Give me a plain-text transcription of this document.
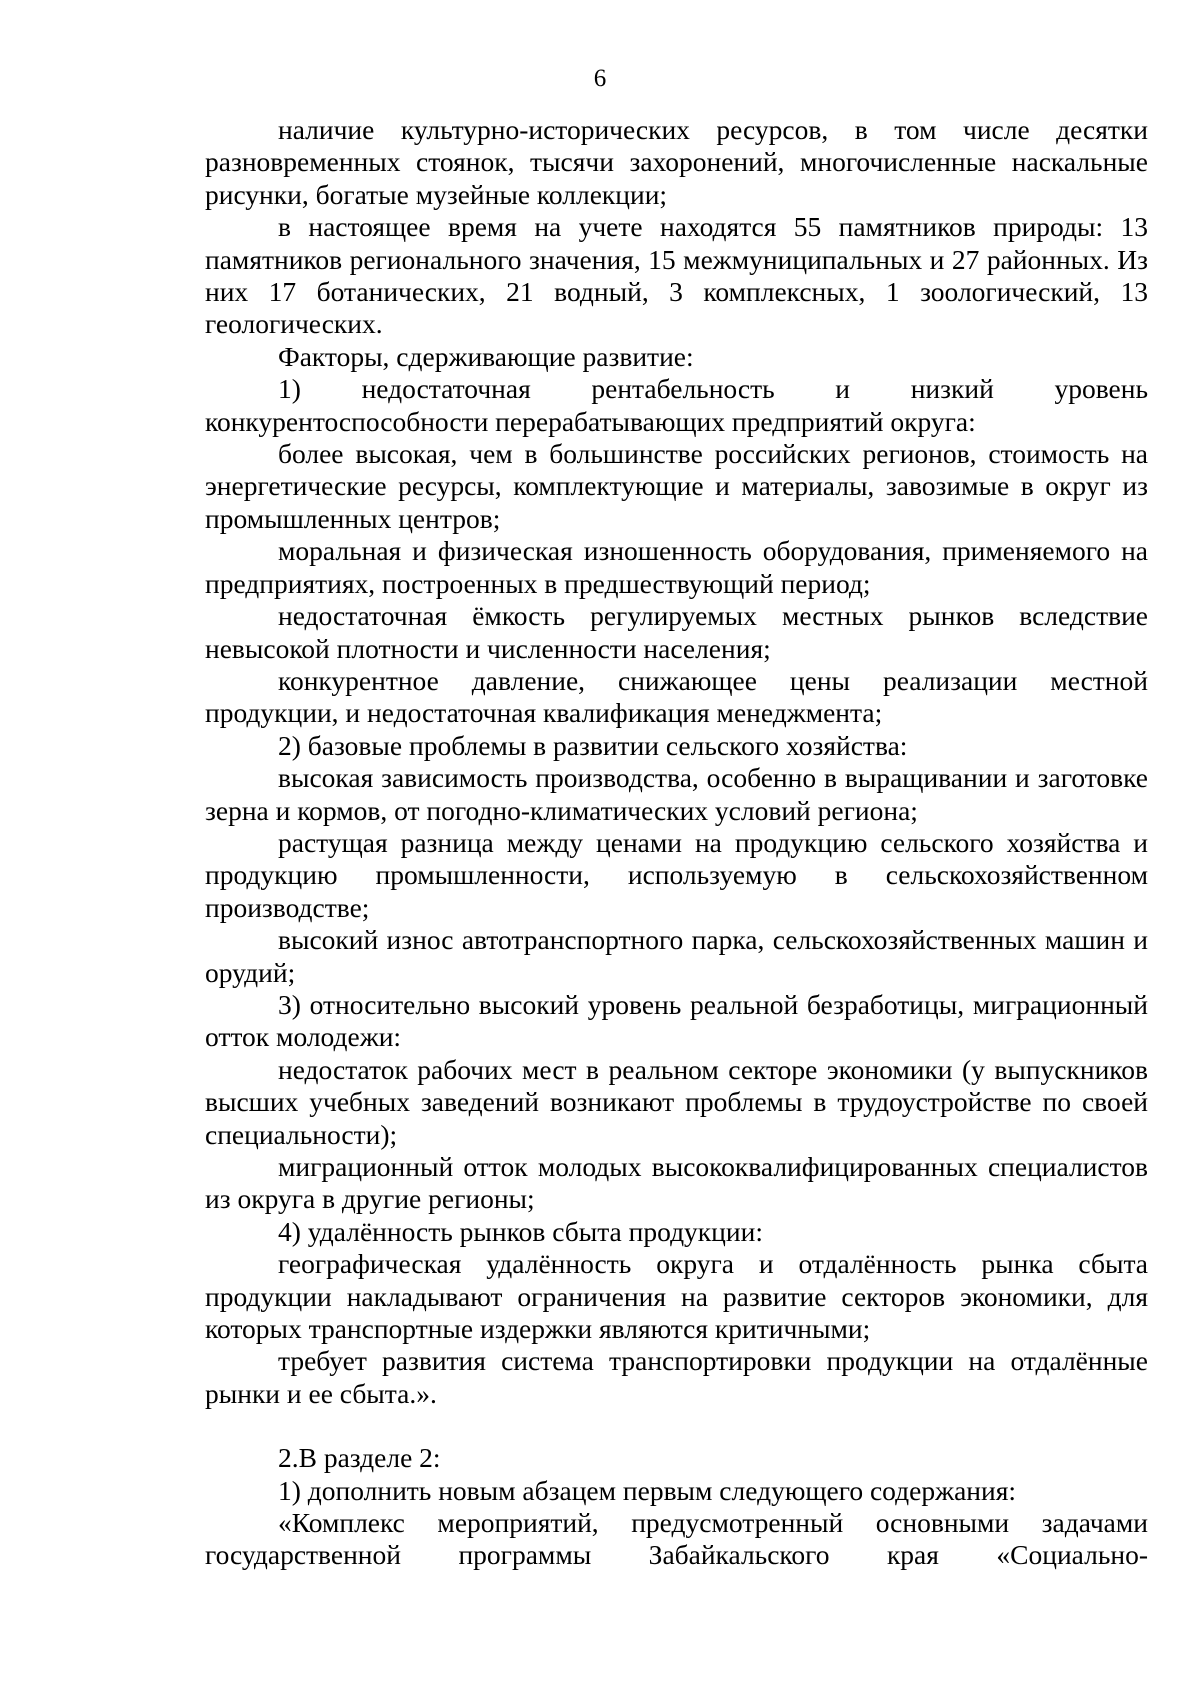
6

наличие культурно-исторических ресурсов, в том числе десятки разновременных стоянок, тысячи захоронений, многочисленные наскальные рисунки, богатые музейные коллекции;

в настоящее время на учете находятся 55 памятников природы: 13 памятников регионального значения, 15 межмуниципальных и 27 районных. Из них 17 ботанических, 21 водный, 3 комплексных, 1 зоологический, 13 геологических.

Факторы, сдерживающие развитие:

1) недостаточная рентабельность и низкий уровень конкурентоспособности перерабатывающих предприятий округа:

более высокая, чем в большинстве российских регионов, стоимость на энергетические ресурсы, комплектующие и материалы, завозимые в округ из промышленных центров;

моральная и физическая изношенность оборудования, применяемого на предприятиях, построенных в предшествующий период;

недостаточная ёмкость регулируемых местных рынков вследствие невысокой плотности и численности населения;

конкурентное давление, снижающее цены реализации местной продукции, и недостаточная квалификация менеджмента;

2) базовые проблемы в развитии сельского хозяйства:

высокая зависимость производства, особенно в выращивании и заготовке зерна и кормов, от погодно-климатических условий региона;

растущая разница между ценами на продукцию сельского хозяйства и продукцию промышленности, используемую в сельскохозяйственном производстве;

высокий износ автотранспортного парка, сельскохозяйственных машин и орудий;

3) относительно высокий уровень реальной безработицы, миграционный отток молодежи:

недостаток рабочих мест в реальном секторе экономики (у выпускников высших учебных заведений возникают проблемы в трудоустройстве по своей специальности);

миграционный отток молодых высококвалифицированных специалистов из округа в другие регионы;

4) удалённость рынков сбыта продукции:

географическая удалённость округа и отдалённость рынка сбыта продукции накладывают ограничения на развитие секторов экономики, для которых транспортные издержки являются критичными;

требует развития система транспортировки продукции на отдалённые рынки и ее сбыта.».

2.В разделе 2:

1) дополнить новым абзацем первым следующего содержания:

«Комплекс мероприятий, предусмотренный основными задачами государственной программы Забайкальского края «Социально-
